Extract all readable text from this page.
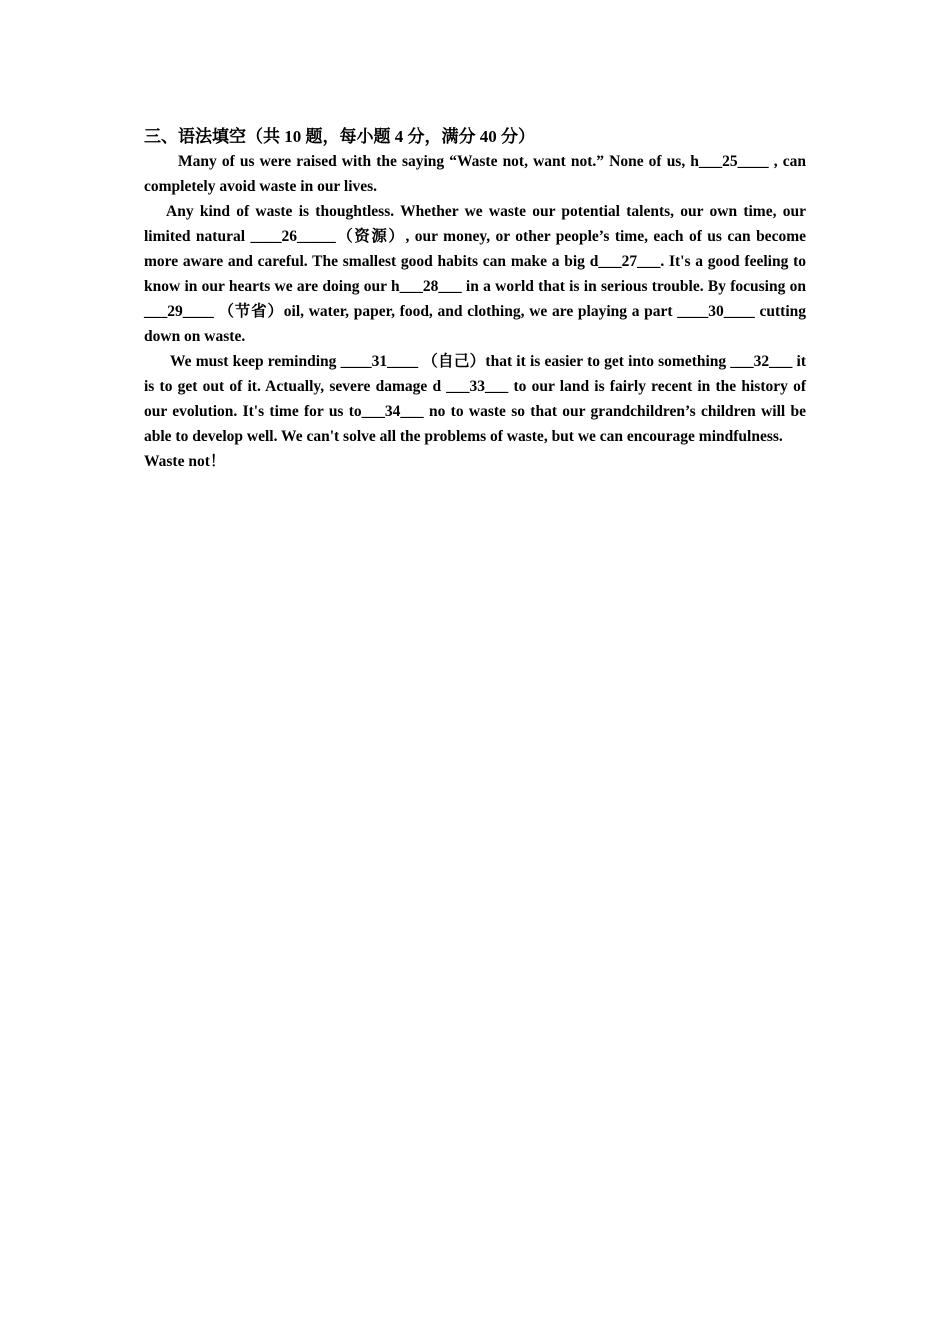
三、语法填空（共 10 题，每小题 4 分，满分 40 分）

Many of us were raised with the saying “Waste not, want not.” None of us, h___25____ , can completely avoid waste in our lives.

Any kind of waste is thoughtless. Whether we waste our potential talents, our own time, our limited natural ____26_____（资源）, our money, or other people’s time, each of us can become more aware and careful. The smallest good habits can make a big d___27___. It's a good feeling to know in our hearts we are doing our h___28___ in a world that is in serious trouble. By focusing on ___29____ （节省）oil, water, paper, food, and clothing, we are playing a part ____30____ cutting down on waste.

We must keep reminding ____31____ （自己）that it is easier to get into something ___32___ it is to get out of it. Actually, severe damage d ___33___ to our land is fairly recent in the history of our evolution. It's time for us to___34___ no to waste so that our grandchildren’s children will be able to develop well. We can't solve all the problems of waste, but we can encourage mindfulness.

Waste not！
